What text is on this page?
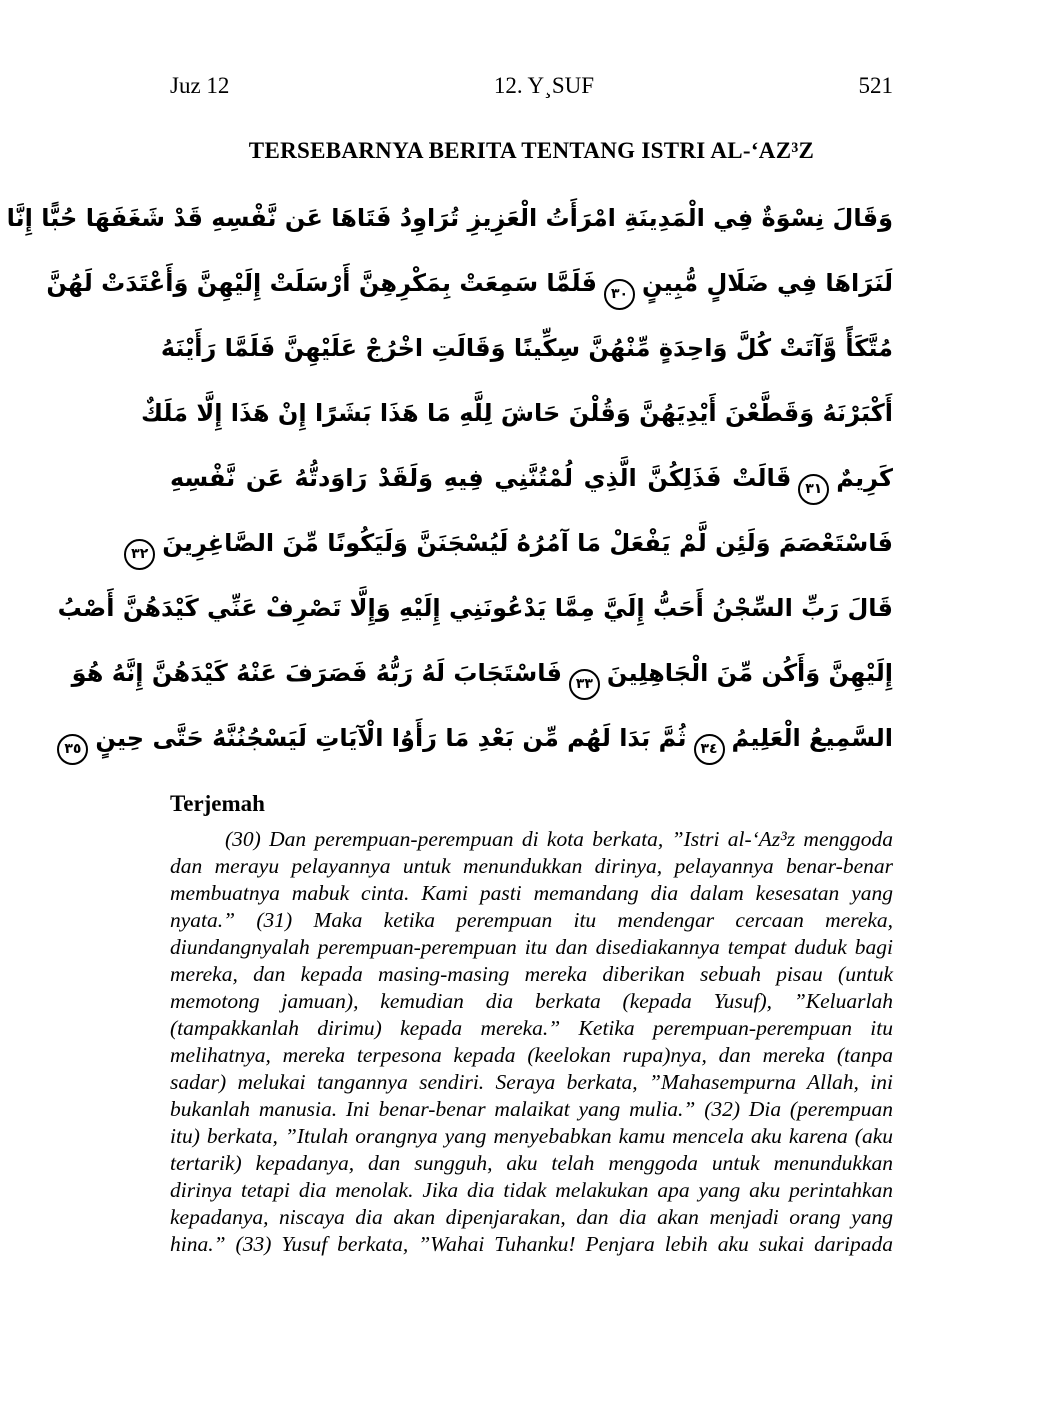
Juz 12	12. Y¸SUF	521
TERSEBARNYA BERITA TENTANG ISTRI AL-‘AZ³Z
وَقَالَ نِسْوَةٌ فِي الْمَدِينَةِ امْرَأَتُ الْعَزِيزِ تُرَاوِدُ فَتَاهَا عَن نَّفْسِهِ قَدْ شَغَفَهَا حُبًّا إِنَّا
لَنَرَاهَا فِي ضَلَالٍ مُّبِينٍ٣٠فَلَمَّا سَمِعَتْ بِمَكْرِهِنَّ أَرْسَلَتْ إِلَيْهِنَّ وَأَعْتَدَتْ لَهُنَّ
مُتَّكَأً وَّآتَتْ كُلَّ وَاحِدَةٍ مِّنْهُنَّ سِكِّينًا وَقَالَتِ اخْرُجْ عَلَيْهِنَّ فَلَمَّا رَأَيْنَهُ
أَكْبَرْنَهُ وَقَطَّعْنَ أَيْدِيَهُنَّ وَقُلْنَ حَاشَ لِلَّهِ مَا هَذَا بَشَرًا إِنْ هَذَا إِلَّا مَلَكٌ
كَرِيمٌ٣١قَالَتْ فَذَلِكُنَّ الَّذِي لُمْتُنَّنِي فِيهِ وَلَقَدْ رَاوَدتُّهُ عَن نَّفْسِهِ
فَاسْتَعْصَمَ وَلَئِن لَّمْ يَفْعَلْ مَا آمُرُهُ لَيُسْجَنَنَّ وَلَيَكُونًا مِّنَ الصَّاغِرِينَ٣٢
قَالَ رَبِّ السِّجْنُ أَحَبُّ إِلَيَّ مِمَّا يَدْعُونَنِي إِلَيْهِ وَإِلَّا تَصْرِفْ عَنِّي كَيْدَهُنَّ أَصْبُ
إِلَيْهِنَّ وَأَكُن مِّنَ الْجَاهِلِينَ٣٣فَاسْتَجَابَ لَهُ رَبُّهُ فَصَرَفَ عَنْهُ كَيْدَهُنَّ إِنَّهُ هُوَ
السَّمِيعُ الْعَلِيمُ٣٤ثُمَّ بَدَا لَهُم مِّن بَعْدِ مَا رَأَوُا الْآيَاتِ لَيَسْجُنُنَّهُ حَتَّى حِينٍ٣٥
Terjemah

(30) Dan perempuan-perempuan di kota berkata, ”Istri al-‘Az³z menggoda dan merayu pelayannya untuk menundukkan dirinya, pelayannya benar-benar membuatnya mabuk cinta. Kami pasti memandang dia dalam kesesatan yang nyata.” (31) Maka ketika perempuan itu mendengar cercaan mereka, diundangnyalah perempuan-perempuan itu dan disediakannya tempat duduk bagi mereka, dan kepada masing-masing mereka diberikan sebuah pisau (untuk memotong jamuan), kemudian dia berkata (kepada Yusuf), ”Keluarlah (tampakkanlah dirimu) kepada mereka.” Ketika perempuan-perempuan itu melihatnya, mereka terpesona kepada (keelokan rupa)nya, dan mereka (tanpa sadar) melukai tangannya sendiri. Seraya berkata, ”Mahasempurna Allah, ini bukanlah manusia. Ini benar-benar malaikat yang mulia.” (32) Dia (perempuan itu) berkata, ”Itulah orangnya yang menyebabkan kamu mencela aku karena (aku tertarik) kepadanya, dan sungguh, aku telah menggoda untuk menundukkan dirinya tetapi dia menolak. Jika dia tidak melakukan apa yang aku perintahkan kepadanya, niscaya dia akan dipenjarakan, dan dia akan menjadi orang yang hina.” (33) Yusuf berkata, ”Wahai Tuhanku! Penjara lebih aku sukai daripada
